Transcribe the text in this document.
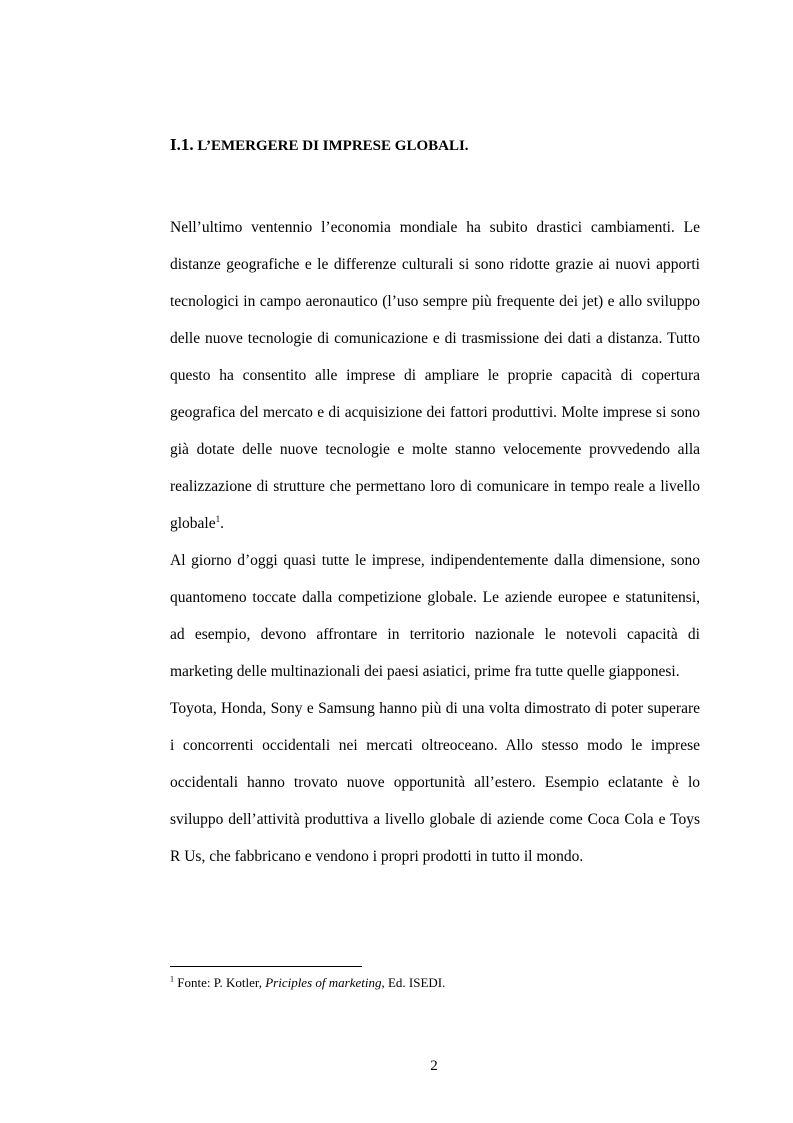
I.1. L’EMERGERE DI IMPRESE GLOBALI.

Nell’ultimo ventennio l’economia mondiale ha subito drastici cambiamenti. Le distanze geografiche e le differenze culturali si sono ridotte grazie ai nuovi apporti tecnologici in campo aeronautico (l’uso sempre più frequente dei jet) e allo sviluppo delle nuove tecnologie di comunicazione e di trasmissione dei dati a distanza. Tutto questo ha consentito alle imprese di ampliare le proprie capacità di copertura geografica del mercato e di acquisizione dei fattori produttivi. Molte imprese si sono già dotate delle nuove tecnologie e molte stanno velocemente provvedendo alla realizzazione di strutture che permettano loro di comunicare in tempo reale a livello globale$^1$.

Al giorno d’oggi quasi tutte le imprese, indipendentemente dalla dimensione, sono quantomeno toccate dalla competizione globale. Le aziende europee e statunitensi, ad esempio, devono affrontare in territorio nazionale le notevoli capacità di marketing delle multinazionali dei paesi asiatici, prime fra tutte quelle giapponesi.

Toyota, Honda, Sony e Samsung hanno più di una volta dimostrato di poter superare i concorrenti occidentali nei mercati oltreoceano. Allo stesso modo le imprese occidentali hanno trovato nuove opportunità all’estero. Esempio eclatante è lo sviluppo dell’attività produttiva a livello globale di aziende come Coca Cola e Toys R Us, che fabbricano e vendono i propri prodotti in tutto il mondo.

$^1$ Fonte: P. Kotler, Priciples of marketing, Ed. ISEDI.
2
